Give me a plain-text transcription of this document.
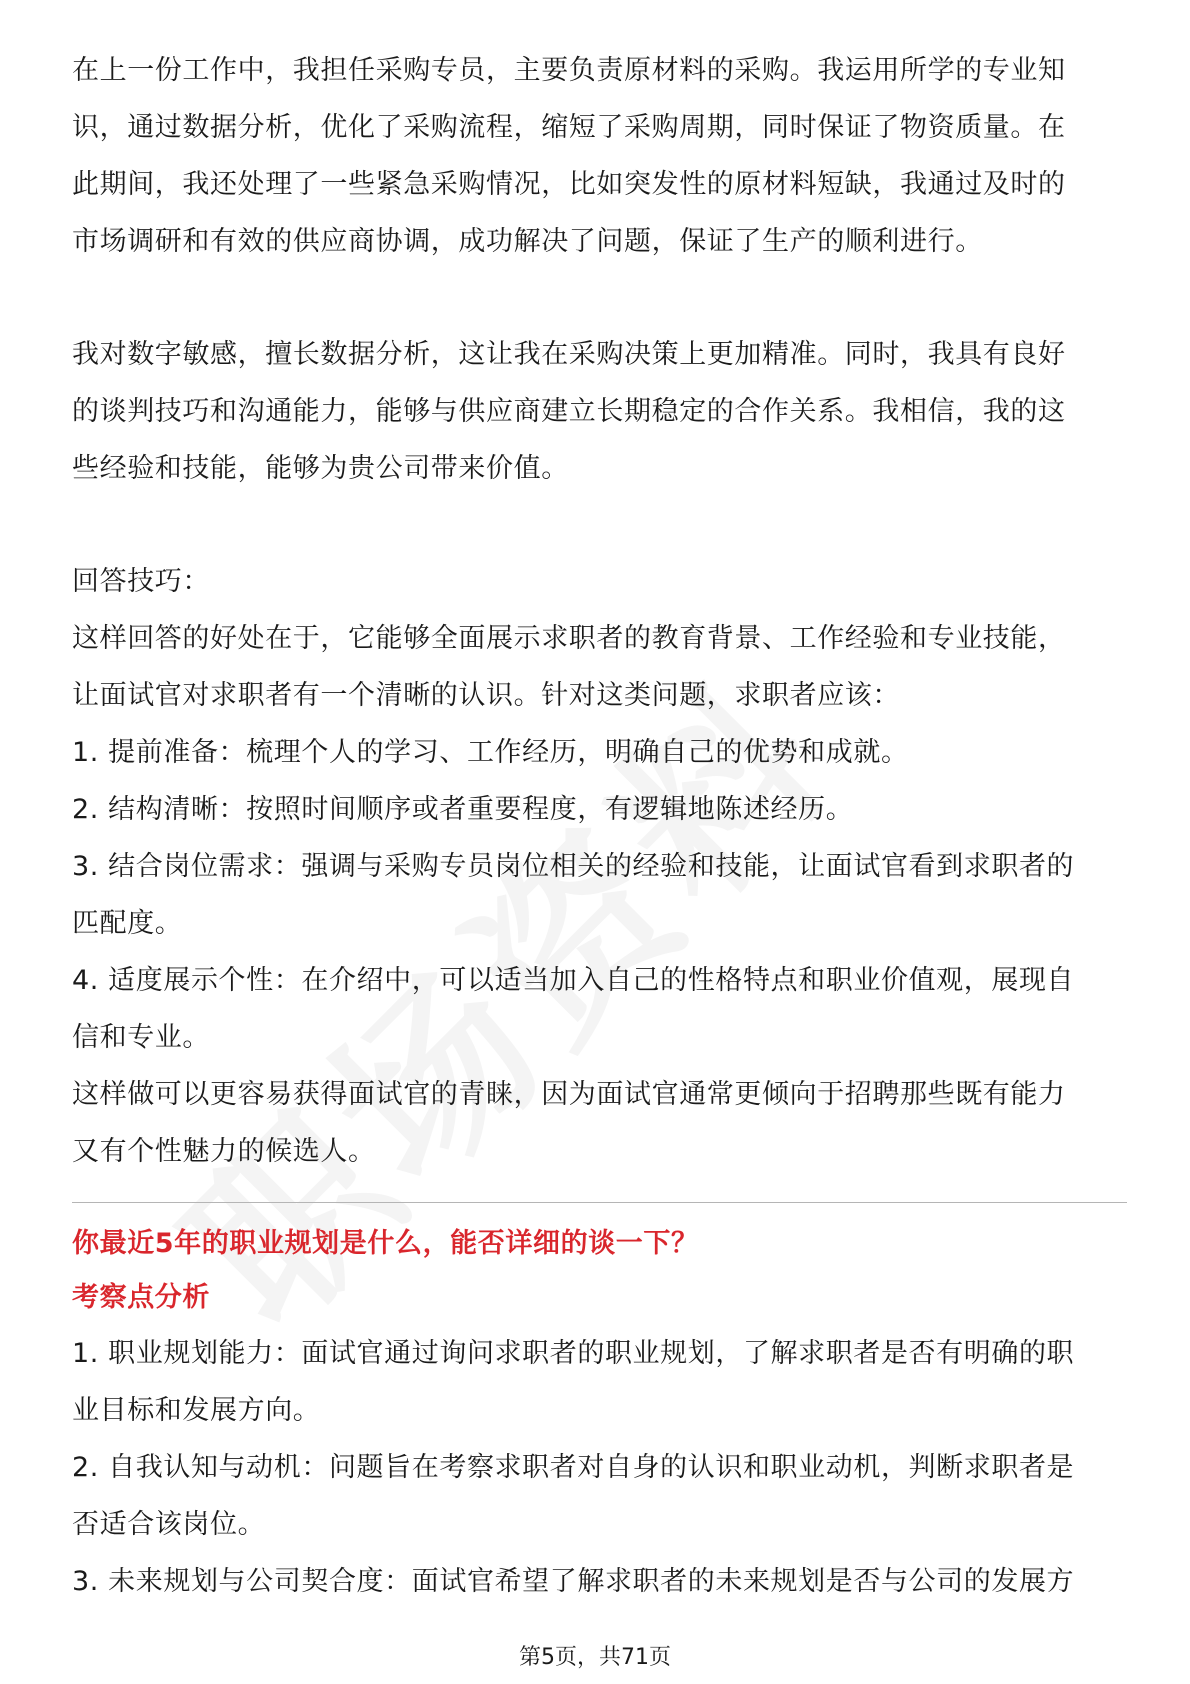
在上一份工作中，我担任采购专员，主要负责原材料的采购。我运用所学的专业知

识，通过数据分析，优化了采购流程，缩短了采购周期，同时保证了物资质量。在

此期间，我还处理了一些紧急采购情况，比如突发性的原材料短缺，我通过及时的

市场调研和有效的供应商协调，成功解决了问题，保证了生产的顺利进行。

我对数字敏感，擅长数据分析，这让我在采购决策上更加精准。同时，我具有良好

的谈判技巧和沟通能力，能够与供应商建立长期稳定的合作关系。我相信，我的这

些经验和技能，能够为贵公司带来价值。

回答技巧：

这样回答的好处在于，它能够全面展示求职者的教育背景、工作经验和专业技能，

让面试官对求职者有一个清晰的认识。针对这类问题，求职者应该：

1. 提前准备：梳理个人的学习、工作经历，明确自己的优势和成就。

2. 结构清晰：按照时间顺序或者重要程度，有逻辑地陈述经历。

3. 结合岗位需求：强调与采购专员岗位相关的经验和技能，让面试官看到求职者的

匹配度。

4. 适度展示个性：在介绍中，可以适当加入自己的性格特点和职业价值观，展现自

信和专业。

这样做可以更容易获得面试官的青睐，因为面试官通常更倾向于招聘那些既有能力

又有个性魅力的候选人。

你最近5年的职业规划是什么，能否详细的谈一下？

考察点分析

1. 职业规划能力：面试官通过询问求职者的职业规划，了解求职者是否有明确的职

业目标和发展方向。

2. 自我认知与动机：问题旨在考察求职者对自身的认识和职业动机，判断求职者是

否适合该岗位。

3. 未来规划与公司契合度：面试官希望了解求职者的未来规划是否与公司的发展方

第5页，共71页
